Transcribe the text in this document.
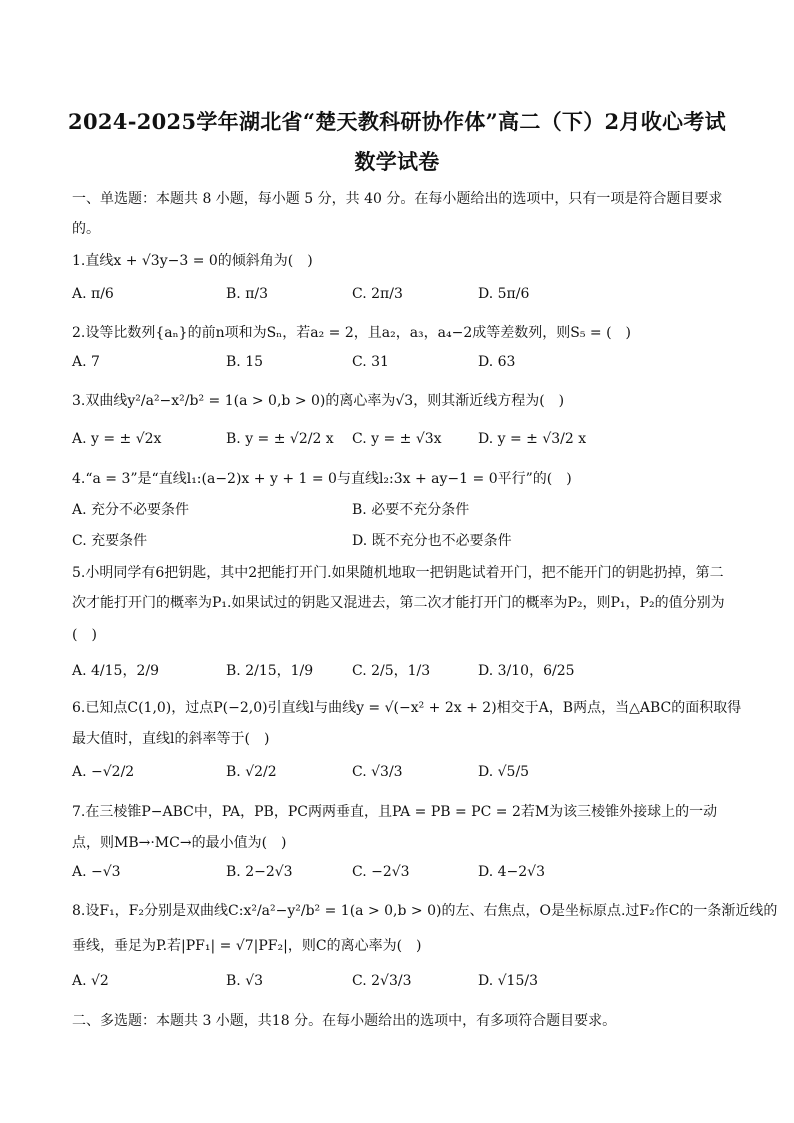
2024-2025学年湖北省“楚天教科研协作体”高二（下）2月收心考试
数学试卷
一、单选题：本题共 8 小题，每小题 5 分，共 40 分。在每小题给出的选项中，只有一项是符合题目要求
的。
1.直线x + √3y−3 = 0的倾斜角为(　)
A. π/6	B. π/3	C. 2π/3	D. 5π/6
2.设等比数列{aₙ}的前n项和为Sₙ，若a₂ = 2，且a₂，a₃，a₄−2成等差数列，则S₅ = (　)
A. 7	B. 15	C. 31	D. 63
3.双曲线y²/a²−x²/b² = 1(a > 0,b > 0)的离心率为√3，则其渐近线方程为(　)
A. y = ± √2x	B. y = ± √2/2 x C. y = ± √3x	D. y = ± √3/2 x
4.“a = 3”是“直线l₁:(a−2)x + y + 1 = 0与直线l₂:3x + ay−1 = 0平行”的(　)
A. 充分不必要条件	B. 必要不充分条件
C. 充要条件	D. 既不充分也不必要条件
5.小明同学有6把钥匙，其中2把能打开门.如果随机地取一把钥匙试着开门，把不能开门的钥匙扔掉，第二
次才能打开门的概率为P₁.如果试过的钥匙又混进去，第二次才能打开门的概率为P₂，则P₁，P₂的值分别为
(　)
A. 4/15，2/9	B. 2/15，1/9	C. 2/5，1/3	D. 3/10，6/25
6.已知点C(1,0)，过点P(−2,0)引直线l与曲线y = √(−x² + 2x + 2)相交于A，B两点，当△ABC的面积取得
最大值时，直线l的斜率等于(　)
A. −√2/2	B. √2/2	C. √3/3	D. √5/5
7.在三棱锥P−ABC中，PA，PB，PC两两垂直，且PA = PB = PC = 2若M为该三棱锥外接球上的一动
点，则MB→·MC→的最小值为(　)
A. −√3	B. 2−2√3	C. −2√3	D. 4−2√3
8.设F₁，F₂分别是双曲线C:x²/a²−y²/b² = 1(a > 0,b > 0)的左、右焦点，O是坐标原点.过F₂作C的一条渐近线的
垂线，垂足为P.若|PF₁| = √7|PF₂|，则C的离心率为(　)
A. √2	B. √3	C. 2√3/3	D. √15/3
二、多选题：本题共 3 小题，共18 分。在每小题给出的选项中，有多项符合题目要求。
